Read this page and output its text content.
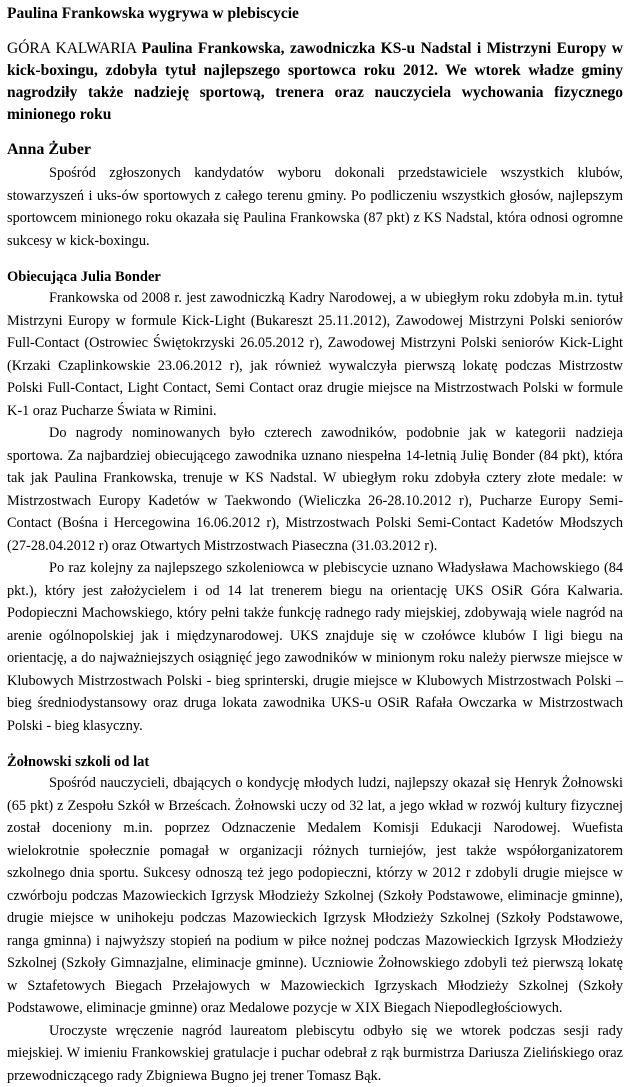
Paulina Frankowska wygrywa w plebiscycie

GÓRA KALWARIA Paulina Frankowska, zawodniczka KS-u Nadstal i Mistrzyni Europy w kick-boxingu, zdobyła tytuł najlepszego sportowca roku 2012. We wtorek władze gminy nagrodziły także nadzieję sportową, trenera oraz nauczyciela wychowania fizycznego minionego roku

Anna Żuber

Spośród zgłoszonych kandydatów wyboru dokonali przedstawiciele wszystkich klubów, stowarzyszeń i uks-ów sportowych z całego terenu gminy. Po podliczeniu wszystkich głosów, najlepszym sportowcem minionego roku okazała się Paulina Frankowska (87 pkt) z KS Nadstal, która odnosi ogromne sukcesy w kick-boxingu.

Obiecująca Julia Bonder

Frankowska od 2008 r. jest zawodniczką Kadry Narodowej, a w ubiegłym roku zdobyła m.in. tytuł Mistrzyni Europy w formule Kick-Light (Bukareszt 25.11.2012), Zawodowej Mistrzyni Polski seniorów Full-Contact (Ostrowiec Świętokrzyski 26.05.2012 r), Zawodowej Mistrzyni Polski seniorów Kick-Light (Krzaki Czaplinkowskie 23.06.2012 r), jak również wywalczyła pierwszą lokatę podczas Mistrzostw Polski Full-Contact, Light Contact, Semi Contact oraz drugie miejsce na Mistrzostwach Polski w formule K-1 oraz Pucharze Świata w Rimini.

Do nagrody nominowanych było czterech zawodników, podobnie jak w kategorii nadzieja sportowa. Za najbardziej obiecującego zawodnika uznano niespełna 14-letnią Julię Bonder (84 pkt), która tak jak Paulina Frankowska, trenuje w KS Nadstal. W ubiegłym roku zdobyła cztery złote medale: w Mistrzostwach Europy Kadetów w Taekwondo (Wieliczka 26-28.10.2012 r), Pucharze Europy Semi-Contact (Bośna i Hercegowina 16.06.2012 r), Mistrzostwach Polski Semi-Contact Kadetów Młodszych (27-28.04.2012 r) oraz Otwartych Mistrzostwach Piaseczna (31.03.2012 r).

Po raz kolejny za najlepszego szkoleniowca w plebiscycie uznano Władysława Machowskiego (84 pkt.), który jest założycielem i od 14 lat trenerem biegu na orientację UKS OSiR Góra Kalwaria. Podopieczni Machowskiego, który pełni także funkcję radnego rady miejskiej, zdobywają wiele nagród na arenie ogólnopolskiej jak i międzynarodowej. UKS znajduje się w czołówce klubów I ligi biegu na orientację, a do najważniejszych osiągnięć jego zawodników w minionym roku należy pierwsze miejsce w Klubowych Mistrzostwach Polski - bieg sprinterski, drugie miejsce w Klubowych Mistrzostwach Polski – bieg średniodystansowy oraz druga lokata zawodnika UKS-u OSiR Rafała Owczarka w Mistrzostwach Polski - bieg klasyczny.

Żołnowski szkoli od lat

Spośród nauczycieli, dbających o kondycję młodych ludzi, najlepszy okazał się Henryk Żołnowski (65 pkt) z Zespołu Szkół w Brześcach. Żołnowski uczy od 32 lat, a jego wkład w rozwój kultury fizycznej został doceniony m.in. poprzez Odznaczenie Medalem Komisji Edukacji Narodowej. Wuefista wielokrotnie społecznie pomagał w organizacji różnych turniejów, jest także współorganizatorem szkolnego dnia sportu. Sukcesy odnoszą też jego podopieczni, którzy w 2012 r zdobyli drugie miejsce w czwórboju podczas Mazowieckich Igrzysk Młodzieży Szkolnej (Szkoły Podstawowe, eliminacje gminne), drugie miejsce w unihokeju podczas Mazowieckich Igrzysk Młodzieży Szkolnej (Szkoły Podstawowe, ranga gminna) i najwyższy stopień na podium w piłce nożnej podczas Mazowieckich Igrzysk Młodzieży Szkolnej (Szkoły Gimnazjalne, eliminacje gminne). Uczniowie Żołnowskiego zdobyli też pierwszą lokatę w Sztafetowych Biegach Przełajowych w Mazowieckich Igrzyskach Młodzieży Szkolnej (Szkoły Podstawowe, eliminacje gminne) oraz Medalowe pozycje w XIX Biegach Niepodległościowych.

Uroczyste wręczenie nagród laureatom plebiscytu odbyło się we wtorek podczas sesji rady miejskiej. W imieniu Frankowskiej gratulacje i puchar odebrał z rąk burmistrza Dariusza Zielińskiego oraz przewodniczącego rady Zbigniewa Bugno jej trener Tomasz Bąk.
